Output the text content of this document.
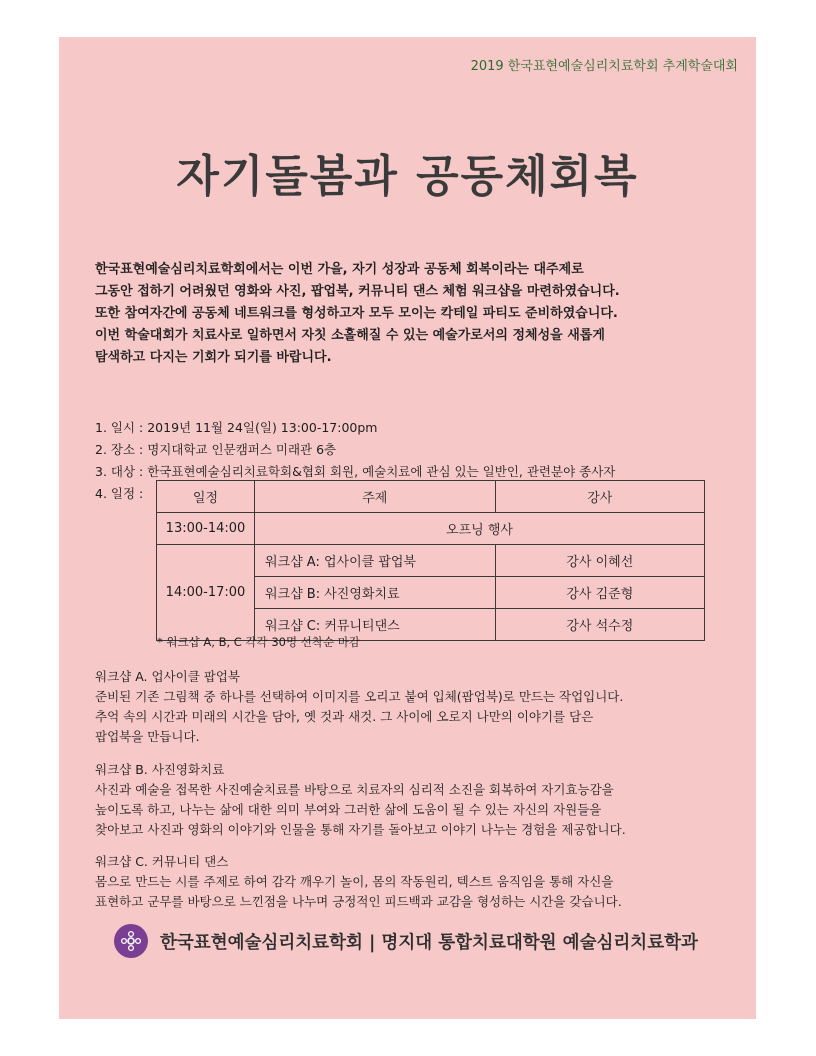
2019 한국표현예술심리치료학회 추계학술대회
자기돌봄과 공동체회복
한국표현예술심리치료학회에서는 이번 가을, 자기 성장과 공동체 회복이라는 대주제로
그동안 접하기 어려웠던 영화와 사진, 팝업북, 커뮤니티 댄스 체험 워크샵을 마련하였습니다.
또한 참여자간에 공동체 네트워크를 형성하고자 모두 모이는 칵테일 파티도 준비하였습니다.
이번 학술대회가 치료사로 일하면서 자칫 소홀해질 수 있는 예술가로서의 정체성을 새롭게
탐색하고 다지는 기회가 되기를 바랍니다.
1. 일시 : 2019년 11월 24일(일) 13:00-17:00pm
2. 장소 : 명지대학교 인문캠퍼스 미래관 6층
3. 대상 : 한국표현예술심리치료학회&협회 회원, 예술치료에 관심 있는 일반인, 관련분야 종사자
4. 일정 :	일정	주제	강사
13:00-14:00	오프닝 행사	
14:00-17:00	워크샵 A: 업사이클 팝업북	강사 이혜선
	워크샵 B: 사진영화치료	강사 김준형
	워크샵 C: 커뮤니티댄스	강사 석수정
* 워크샵 A, B, C 각각 30명 선착순 마감
워크샵 A. 업사이클 팝업북
준비된 기존 그림책 중 하나를 선택하여 이미지를 오리고 붙여 입체(팝업북)로 만드는 작업입니다.
추억 속의 시간과 미래의 시간을 담아, 옛 것과 새것. 그 사이에 오로지 나만의 이야기를 담은
팝업북을 만듭니다.
워크샵 B. 사진영화치료
사진과 예술을 접목한 사진예술치료를 바탕으로 치료자의 심리적 소진을 회복하여 자기효능감을
높이도록 하고, 나누는 삶에 대한 의미 부여와 그러한 삶에 도움이 될 수 있는 자신의 자원들을
찾아보고 사진과 영화의 이야기와 인물을 통해 자기를 돌아보고 이야기 나누는 경험을 제공합니다.
워크샵 C. 커뮤니티 댄스
몸으로 만드는 시를 주제로 하여 감각 깨우기 놀이, 몸의 작동원리, 텍스트 움직임을 통해 자신을
표현하고 군무를 바탕으로 느낀점을 나누며 긍정적인 피드백과 교감을 형성하는 시간을 갖습니다.
한국표현예술심리치료학회 | 명지대 통합치료대학원 예술심리치료학과
